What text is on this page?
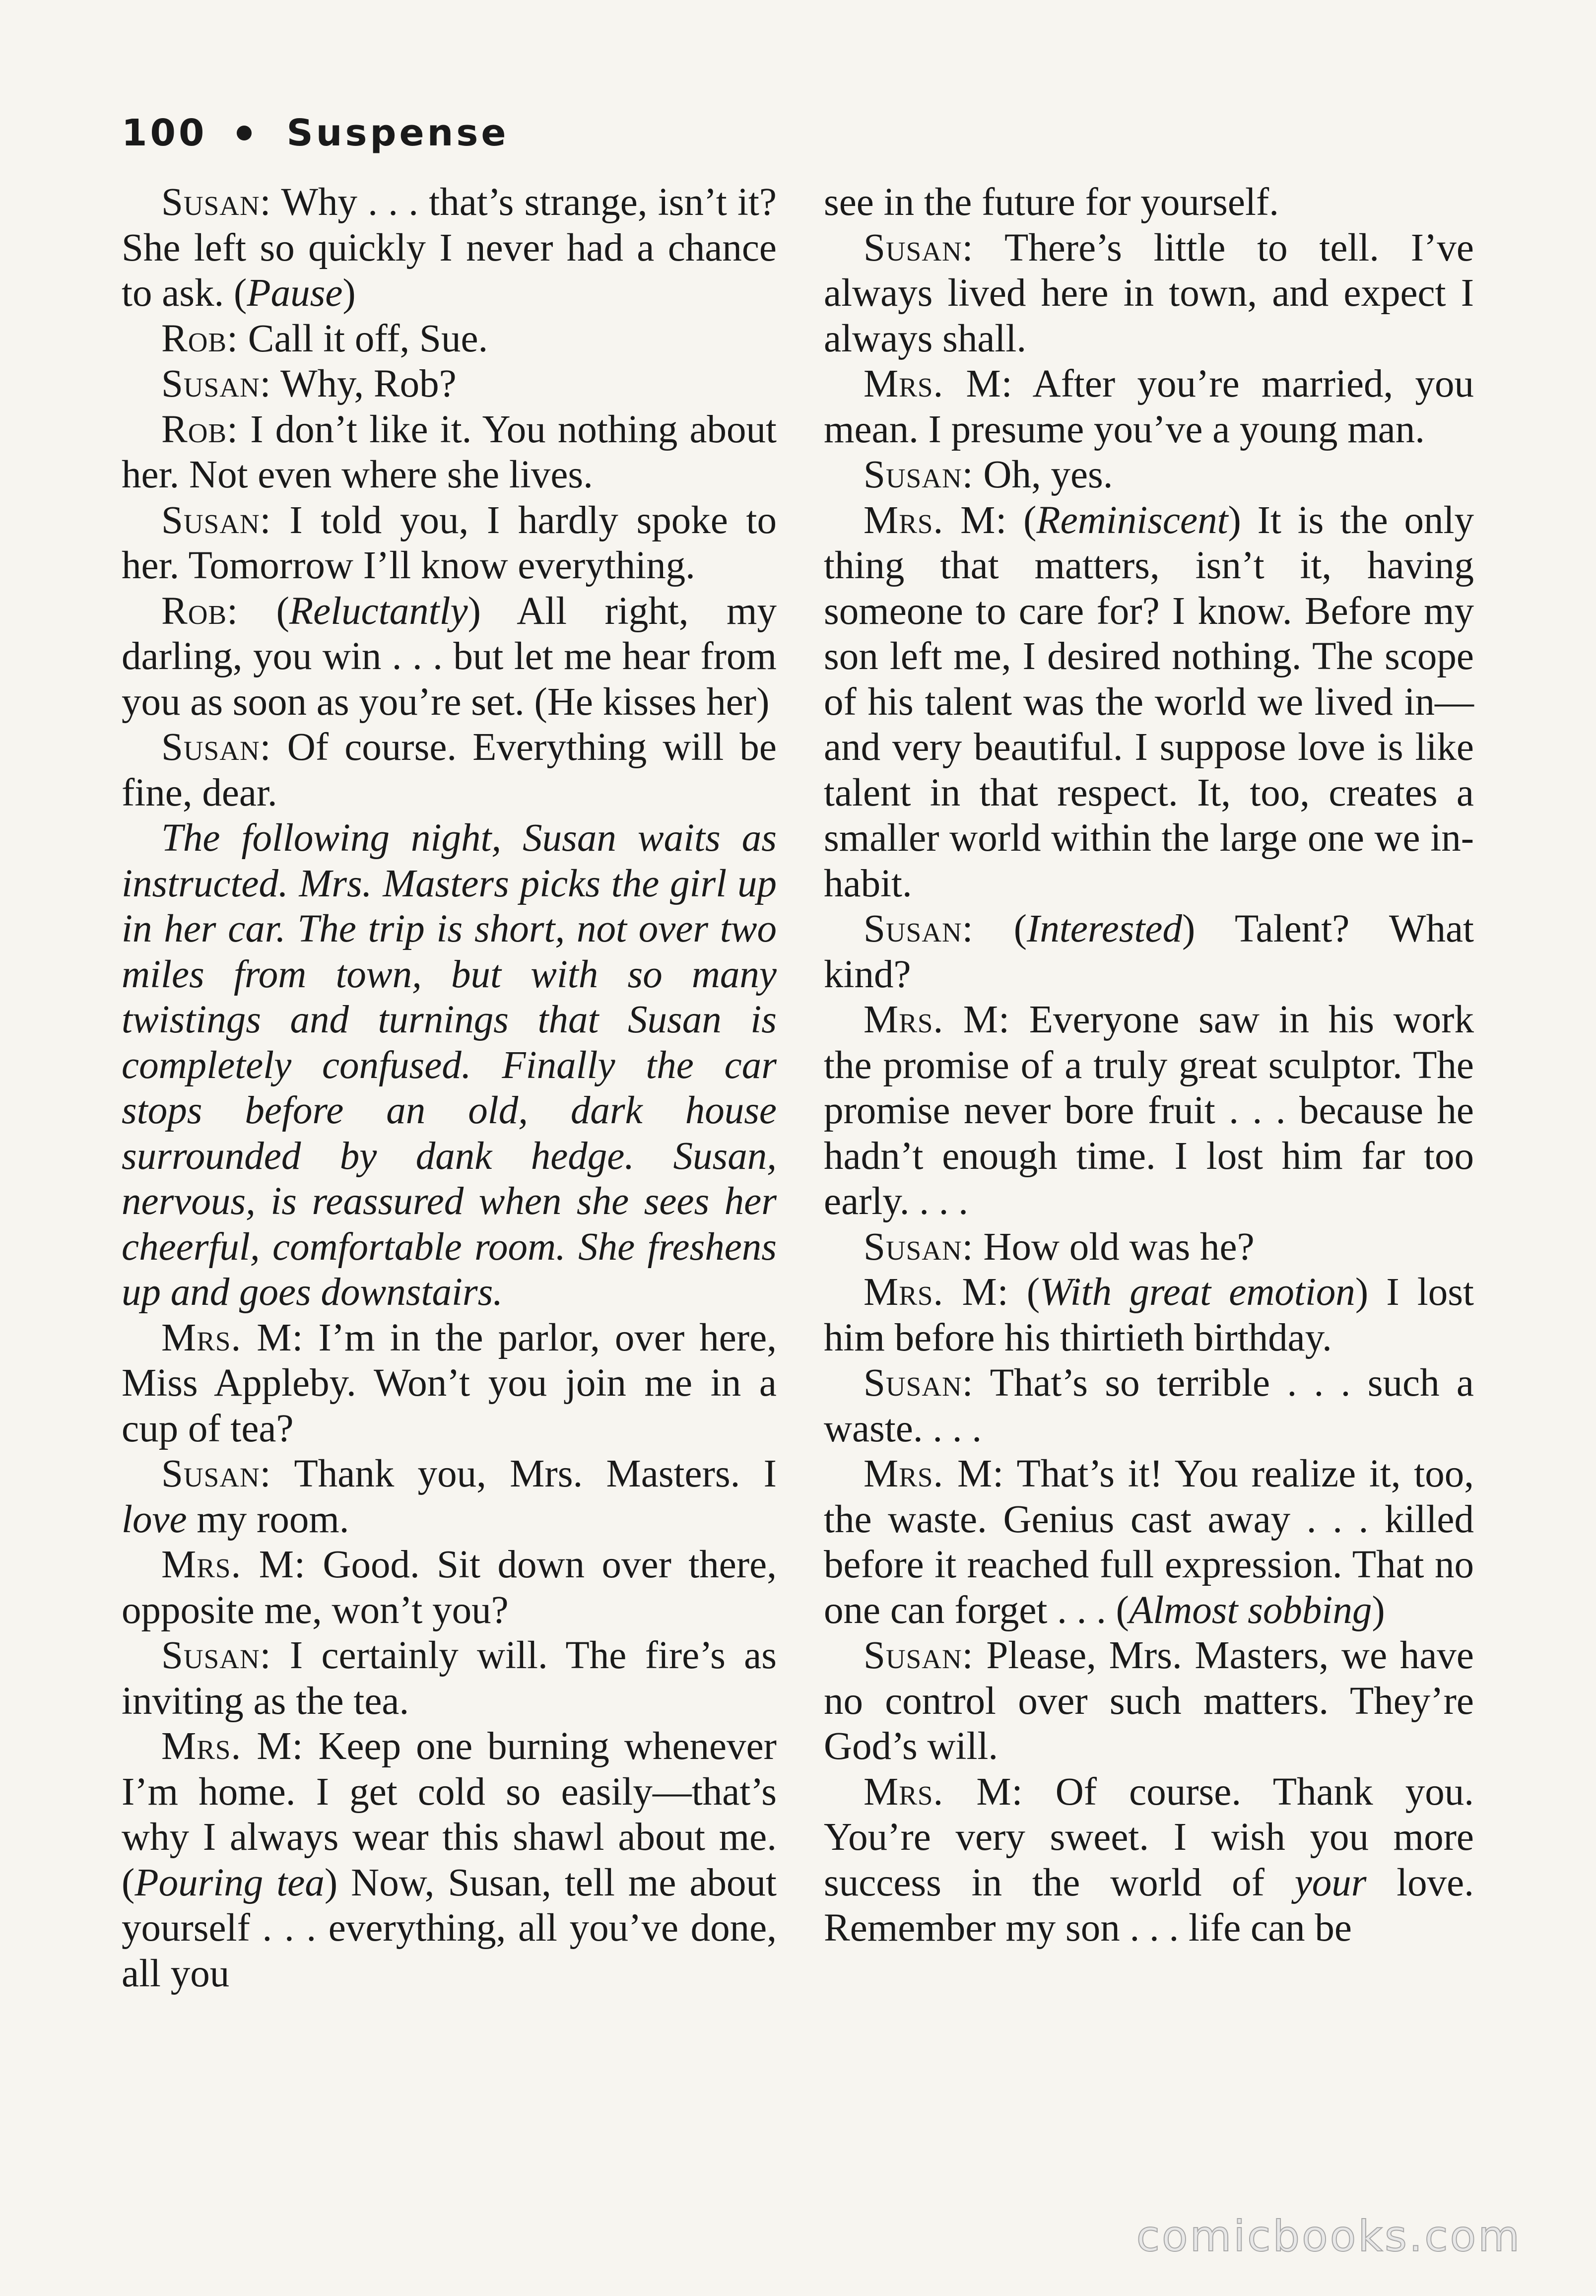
100 Suspense

Susan: Why . . . that’s strange, isn’t it? She left so quickly I never had a chance to ask. (Pause)

Rob: Call it off, Sue.

Susan: Why, Rob?

Rob: I don’t like it. You nothing about her. Not even where she lives.

Susan: I told you, I hardly spoke to her. Tomorrow I’ll know everything.

Rob: (Reluctantly) All right, my darling, you win . . . but let me hear from you as soon as you’re set. (He kisses her)

Susan: Of course. Everything will be fine, dear.

The following night, Susan waits as instructed. Mrs. Masters picks the girl up in her car. The trip is short, not over two miles from town, but with so many twistings and turnings that Susan is completely confused. Finally the car stops before an old, dark house surrounded by dank hedge. Susan, nervous, is reassured when she sees her cheerful, comfortable room. She freshens up and goes downstairs.

Mrs. M: I’m in the parlor, over here, Miss Appleby. Won’t you join me in a cup of tea?

Susan: Thank you, Mrs. Masters. I love my room.

Mrs. M: Good. Sit down over there, opposite me, won’t you?

Susan: I certainly will. The fire’s as inviting as the tea.

Mrs. M: Keep one burning whenever I’m home. I get cold so easily—that’s why I always wear this shawl about me. (Pouring tea) Now, Susan, tell me about yourself . . . everything, all you’ve done, all you

see in the future for yourself.

Susan: There’s little to tell. I’ve always lived here in town, and expect I always shall.

Mrs. M: After you’re married, you mean. I presume you’ve a young man.

Susan: Oh, yes.

Mrs. M: (Reminiscent) It is the only thing that matters, isn’t it, having someone to care for? I know. Before my son left me, I desired nothing. The scope of his talent was the world we lived in—and very beautiful. I suppose love is like talent in that respect. It, too, creates a smaller world within the large one we inhabit.

Susan: (Interested) Talent? What kind?

Mrs. M: Everyone saw in his work the promise of a truly great sculptor. The promise never bore fruit . . . because he hadn’t enough time. I lost him far too early. . . .

Susan: How old was he?

Mrs. M: (With great emotion) I lost him before his thirtieth birthday.

Susan: That’s so terrible . . . such a waste. . . .

Mrs. M: That’s it! You realize it, too, the waste. Genius cast away . . . killed before it reached full expression. That no one can forget . . . (Almost sobbing)

Susan: Please, Mrs. Masters, we have no control over such matters. They’re God’s will.

Mrs. M: Of course. Thank you. You’re very sweet. I wish you more success in the world of your love. Remember my son . . . life can be

comicbooks.com
